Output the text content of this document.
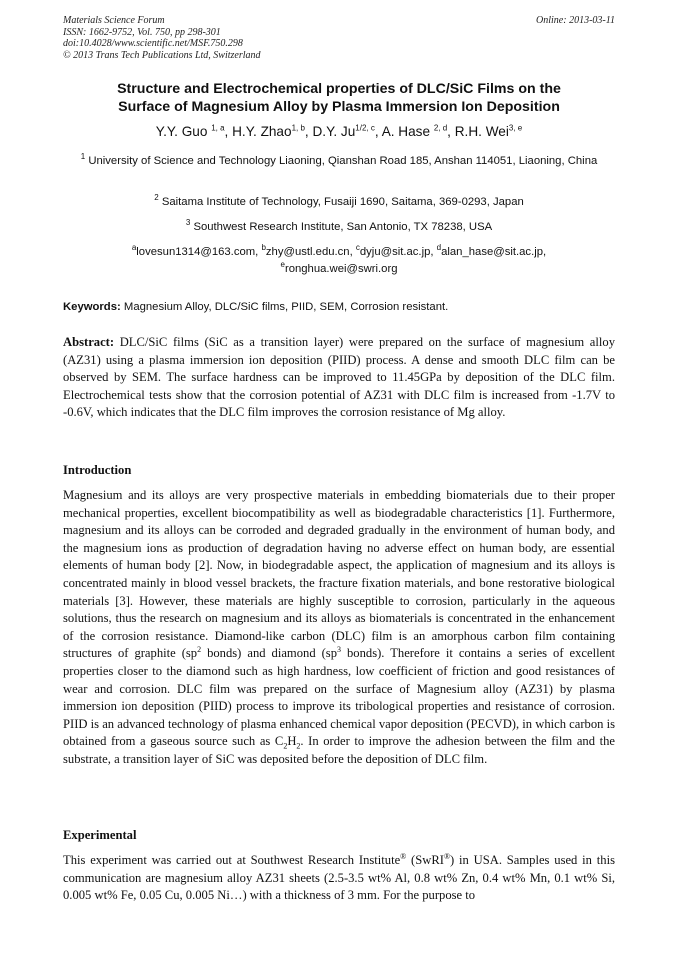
Materials Science Forum
ISSN: 1662-9752, Vol. 750, pp 298-301
doi:10.4028/www.scientific.net/MSF.750.298
© 2013 Trans Tech Publications Ltd, Switzerland
Online: 2013-03-11
Structure and Electrochemical properties of DLC/SiC Films on the
Surface of Magnesium Alloy by Plasma Immersion Ion Deposition
Y.Y. Guo $^{1, a}$, H.Y. Zhao$^{1, b}$, D.Y. $Ju^{1/2, c}$, A. Hase $^{2, d}$, R.H. Wei$^{3, e}$
$^1$ University of Science and Technology Liaoning, Qianshan Road 185, Anshan 114051, Liaoning, China
$^2$ Saitama Institute of Technology, Fusaiji 1690, Saitama, 369-0293, Japan
$^3$ Southwest Research Institute, San Antonio, TX 78238, USA
$^a$lovesun1314@163.com, $^b$zhy@ustl.edu.cn, $^c$dyju@sit.ac.jp, $^d$alan_hase@sit.ac.jp,
$^e$ronghua.wei@swri.org
Keywords: Magnesium Alloy, DLC/SiC films, PIID, SEM, Corrosion resistant.
Abstract: DLC/SiC films (SiC as a transition layer) were prepared on the surface of magnesium alloy (AZ31) using a plasma immersion ion deposition (PIID) process. A dense and smooth DLC film can be observed by SEM. The surface hardness can be improved to 11.45GPa by deposition of the DLC film. Electrochemical tests show that the corrosion potential of AZ31 with DLC film is increased from -1.7V to -0.6V, which indicates that the DLC film improves the corrosion resistance of Mg alloy.
Introduction
Magnesium and its alloys are very prospective materials in embedding biomaterials due to their proper mechanical properties, excellent biocompatibility as well as biodegradable characteristics [1]. Furthermore, magnesium and its alloys can be corroded and degraded gradually in the environment of human body, and the magnesium ions as production of degradation having no adverse effect on human body, are essential elements of human body [2]. Now, in biodegradable aspect, the application of magnesium and its alloys is concentrated mainly in blood vessel brackets, the fracture fixation materials, and bone restorative biological materials [3]. However, these materials are highly susceptible to corrosion, particularly in the aqueous solutions, thus the research on magnesium and its alloys as biomaterials is concentrated in the enhancement of the corrosion resistance. Diamond-like carbon (DLC) film is an amorphous carbon film containing structures of graphite ($sp^2$ bonds) and diamond ($sp^3$ bonds). Therefore it contains a series of excellent properties closer to the diamond such as high hardness, low coefficient of friction and good resistances of wear and corrosion. DLC film was prepared on the surface of Magnesium alloy (AZ31) by plasma immersion ion deposition (PIID) process to improve its tribological properties and resistance of corrosion. PIID is an advanced technology of plasma enhanced chemical vapor deposition (PECVD), in which carbon is obtained from a gaseous source such as $C_2H_2$. In order to improve the adhesion between the film and the substrate, a transition layer of SiC was deposited before the deposition of DLC film.
Experimental
This experiment was carried out at Southwest Research Institute® (SwRI®) in USA. Samples used in this communication are magnesium alloy AZ31 sheets (2.5-3.5 wt% Al, 0.8 wt% Zn, 0.4 wt% Mn, 0.1 wt% Si, 0.005 wt% Fe, 0.05 Cu, 0.005 Ni…) with a thickness of 3 mm. For the purpose to
